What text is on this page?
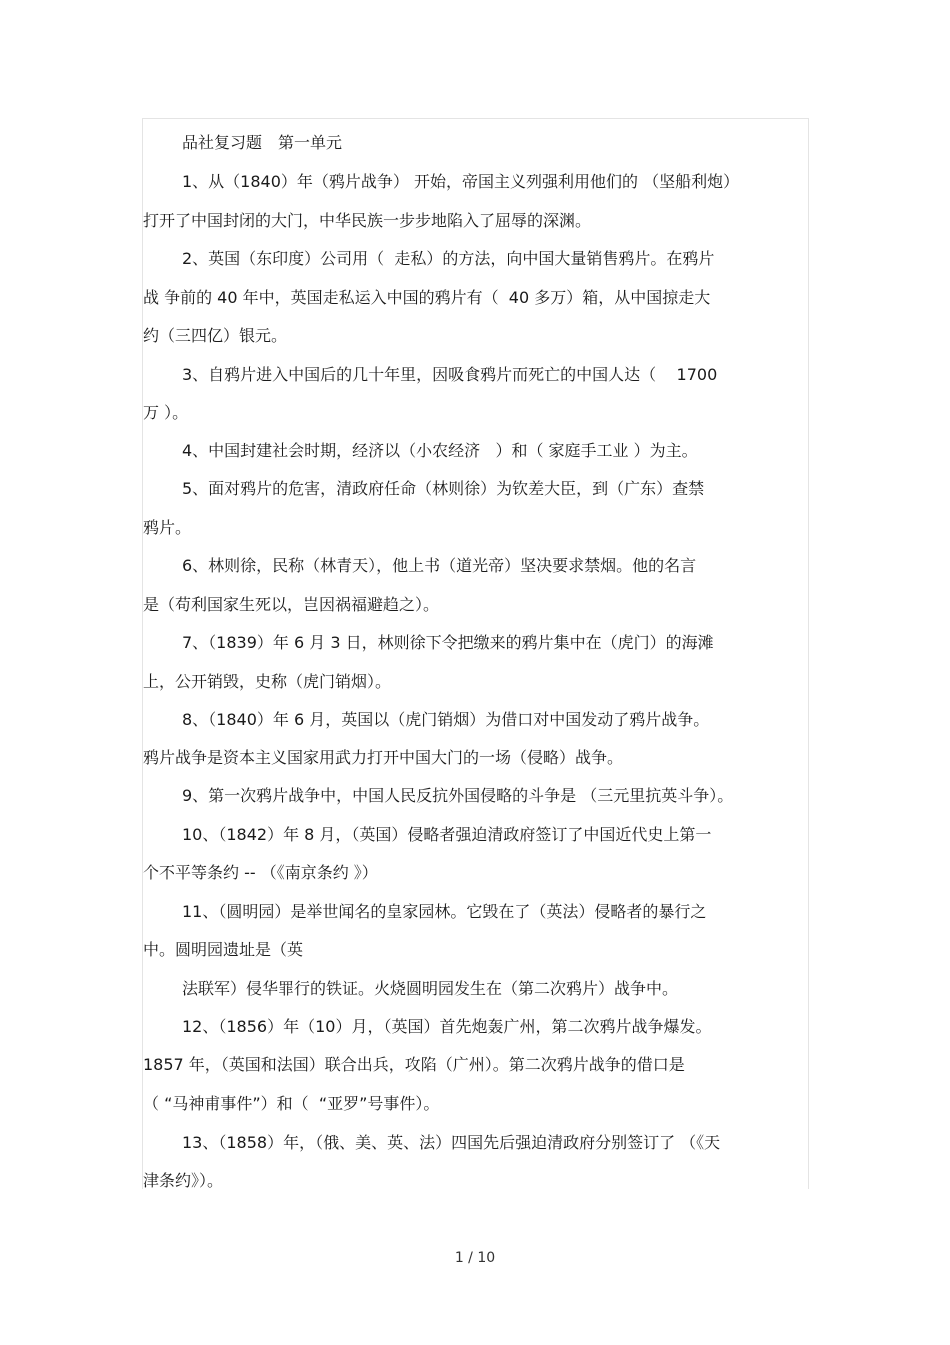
品社复习题　第一单元
1、从（1840）年（鸦片战争） 开始，帝国主义列强利用他们的 （坚船利炮）
打开了中国封闭的大门，中华民族一步步地陷入了屈辱的深渊。
2、英国（东印度）公司用（  走私）的方法，向中国大量销售鸦片。在鸦片
战 争前的 40 年中，英国走私运入中国的鸦片有（  40 多万）箱，从中国掠走大
约（三四亿）银元。
3、自鸦片进入中国后的几十年里，因吸食鸦片而死亡的中国人达（    1700
万 ）。
4、中国封建社会时期，经济以（小农经济   ）和（ 家庭手工业 ）为主。
5、面对鸦片的危害，清政府任命（林则徐）为钦差大臣，到（广东）查禁
鸦片。
6、林则徐，民称（林青天），他上书（道光帝）坚决要求禁烟。他的名言
是（苟利国家生死以，岂因祸福避趋之）。
7、（1839）年 6 月 3 日，林则徐下令把缴来的鸦片集中在（虎门）的海滩
上，公开销毁，史称（虎门销烟）。
8、（1840）年 6 月，英国以（虎门销烟）为借口对中国发动了鸦片战争。
鸦片战争是资本主义国家用武力打开中国大门的一场（侵略）战争。
9、第一次鸦片战争中，中国人民反抗外国侵略的斗争是 （三元里抗英斗争）。
10、（1842）年 8 月，（英国）侵略者强迫清政府签订了中国近代史上第一
个不平等条约 -- （《南京条约 》）
11、（圆明园）是举世闻名的皇家园林。它毁在了（英法）侵略者的暴行之
中。圆明园遗址是（英
法联军）侵华罪行的铁证。火烧圆明园发生在（第二次鸦片）战争中。
12、（1856）年（10）月，（英国）首先炮轰广州，第二次鸦片战争爆发。
1857 年，（英国和法国）联合出兵，攻陷（广州）。第二次鸦片战争的借口是
（ “马神甫事件”）和（  “亚罗”号事件）。
13、（1858）年，（俄、美、英、法）四国先后强迫清政府分别签订了 （《天
津条约》）。
1 / 10
